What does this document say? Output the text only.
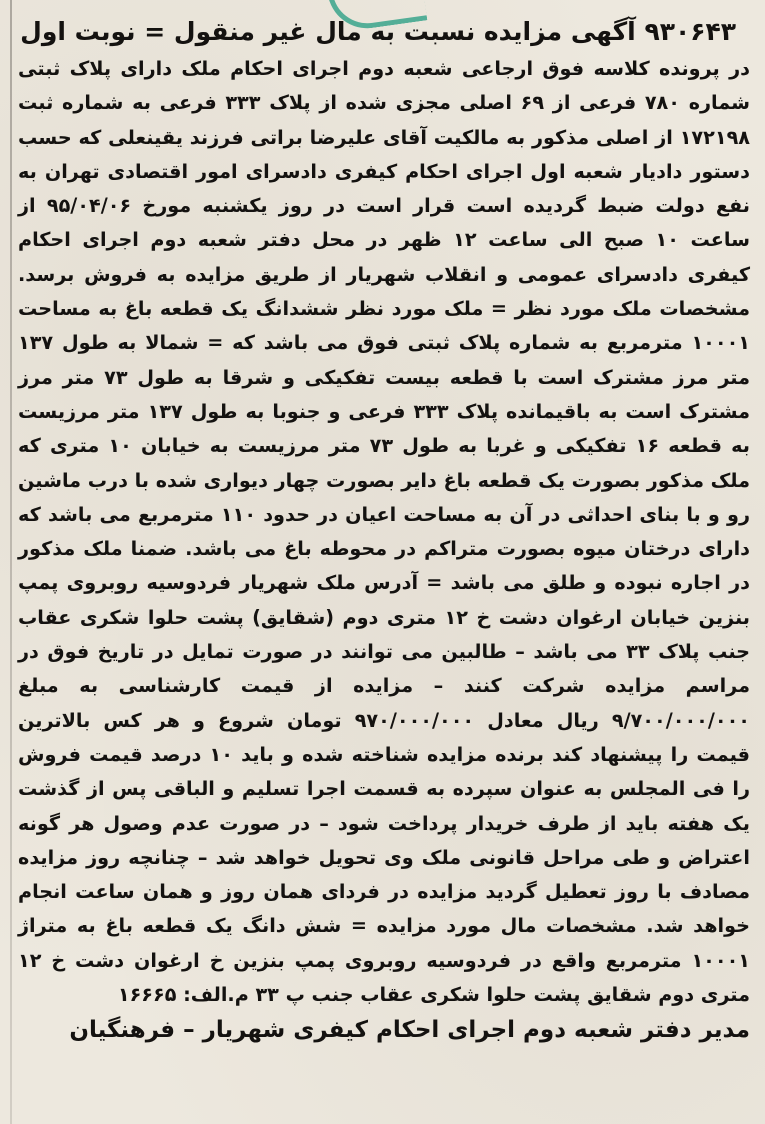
۹۳۰۶۴۳ آگهی مزایده نسبت به مال غیر منقول = نوبت اول

در پرونده کلاسه فوق ارجاعی شعبه دوم اجرای احکام ملک دارای پلاک ثبتی شماره ۷۸۰ فرعی از ۶۹ اصلی مجزی شده از پلاک ۳۳۳ فرعی به شماره ثبت ۱۷۲۱۹۸ از اصلی مذکور به مالکیت آقای علیرضا براتی فرزند یقینعلی که حسب دستور دادیار شعبه اول اجرای احکام کیفری دادسرای امور اقتصادی تهران به نفع دولت ضبط گردیده است قرار است در روز یکشنبه مورخ ۹۵/۰۴/۰۶ از ساعت ۱۰ صبح الی ساعت ۱۲ ظهر در محل دفتر شعبه دوم اجرای احکام کیفری دادسرای عمومی و انقلاب شهریار از طریق مزایده به فروش برسد. مشخصات ملک مورد نظر = ملک مورد نظر ششدانگ یک قطعه باغ به مساحت ۱۰۰۰۱ مترمربع به شماره پلاک ثبتی فوق می باشد که = شمالا به طول ۱۳۷ متر مرز مشترک است با قطعه بیست تفکیکی و شرقا به طول ۷۳ متر مرز مشترک است به باقیمانده پلاک ۳۳۳ فرعی و جنوبا به طول ۱۳۷ متر مرزیست به قطعه ۱۶ تفکیکی و غربا به طول ۷۳ متر مرزیست به خیابان ۱۰ متری که ملک مذکور بصورت یک قطعه باغ دایر بصورت چهار دیواری شده با درب ماشین رو و با بنای احداثی در آن به مساحت اعیان در حدود ۱۱۰ مترمربع می باشد که دارای درختان میوه بصورت متراکم در محوطه باغ می باشد. ضمنا ملک مذکور در اجاره نبوده و طلق می باشد = آدرس ملک شهریار فردوسیه روبروی پمپ بنزین خیابان ارغوان دشت خ ۱۲ متری دوم (شقایق) پشت حلوا شکری عقاب جنب پلاک ۳۳ می باشد – طالبین می توانند در صورت تمایل در تاریخ فوق در مراسم مزایده شرکت کنند – مزایده از قیمت کارشناسی به مبلغ ۹/۷۰۰/۰۰۰/۰۰۰ ریال معادل ۹۷۰/۰۰۰/۰۰۰ تومان شروع و هر کس بالاترین قیمت را پیشنهاد کند برنده مزایده شناخته شده و باید ۱۰ درصد قیمت فروش را فی المجلس به عنوان سپرده به قسمت اجرا تسلیم و الباقی پس از گذشت یک هفته باید از طرف خریدار پرداخت شود – در صورت عدم وصول هر گونه اعتراض و طی مراحل قانونی ملک وی تحویل خواهد شد – چنانچه روز مزایده مصادف با روز تعطیل گردید مزایده در فردای همان روز و همان ساعت انجام خواهد شد. مشخصات مال مورد مزایده = شش دانگ یک قطعه باغ به متراژ ۱۰۰۰۱ مترمربع واقع در فردوسیه روبروی پمپ بنزین خ ارغوان دشت خ ۱۲ متری دوم شقایق پشت حلوا شکری عقاب جنب پ ۳۳ م.الف: ۱۶۶۶۵

مدیر دفتر شعبه دوم اجرای احکام کیفری شهریار – فرهنگیان
